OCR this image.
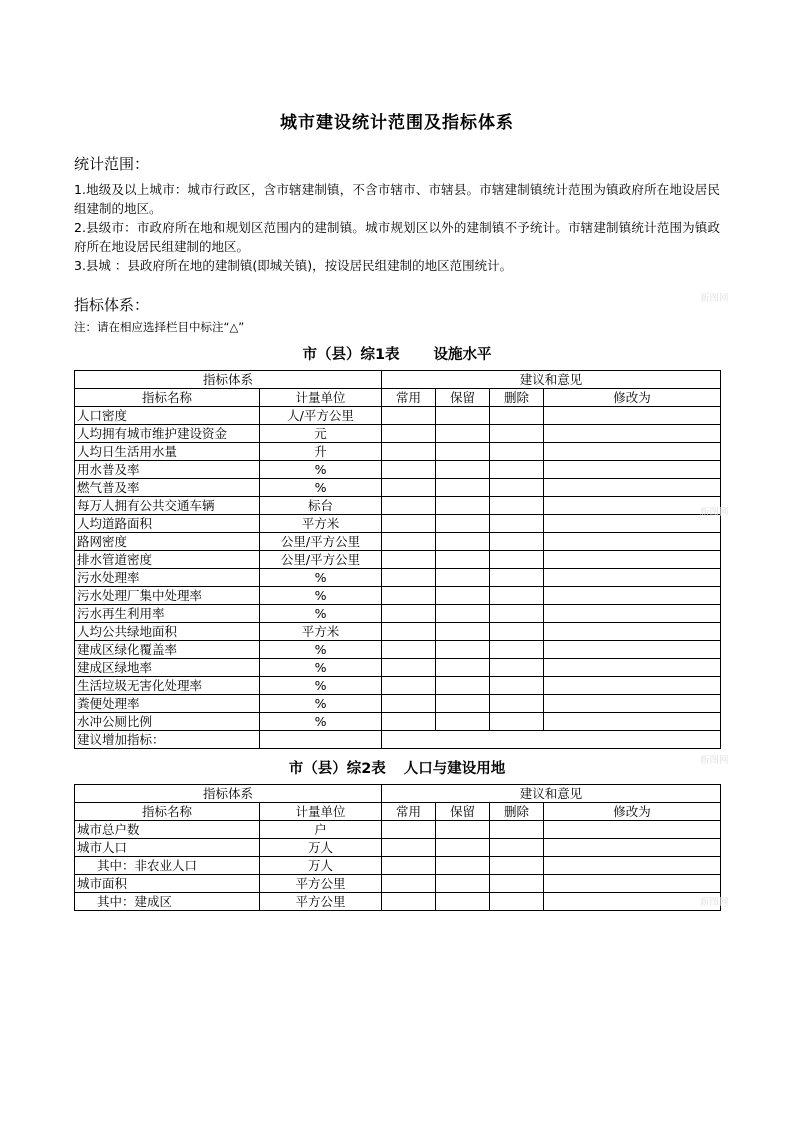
城市建设统计范围及指标体系
统计范围：

1.地级及以上城市：城市行政区，含市辖建制镇，不含市辖市、市辖县。市辖建制镇统计范围为镇政府所在地设居民组建制的地区。

2.县级市：市政府所在地和规划区范围内的建制镇。城市规划区以外的建制镇不予统计。市辖建制镇统计范围为镇政府所在地设居民组建制的地区。

3.县城 ：县政府所在地的建制镇(即城关镇)，按设居民组建制的地区范围统计。

指标体系：
注：请在相应选择栏目中标注“△”
市（县）综1表 设施水平
指标体系		建议和意见			
指标名称	计量单位	常用	保留	删除	修改为
人口密度	人/平方公里				
人均拥有城市维护建设资金	元				
人均日生活用水量	升				
用水普及率	%				
燃气普及率	%				
每万人拥有公共交通车辆	标台				
人均道路面积	平方米				
路网密度	公里/平方公里				
排水管道密度	公里/平方公里				
污水处理率	%				
污水处理厂集中处理率	%				
污水再生利用率	%				
人均公共绿地面积	平方米				
建成区绿化覆盖率	%				
建成区绿地率	%				
生活垃圾无害化处理率	%				
粪便处理率	%				
水冲公厕比例	%				
建议增加指标：					
市（县）综2表 人口与建设用地
指标体系		建议和意见			
指标名称	计量单位	常用	保留	删除	修改为
城市总户数	户				
城市人口	万人				
其中：非农业人口	万人				
城市面积	平方公里				
其中：建成区	平方公里				
新图网
新图网
新图网
新图网
